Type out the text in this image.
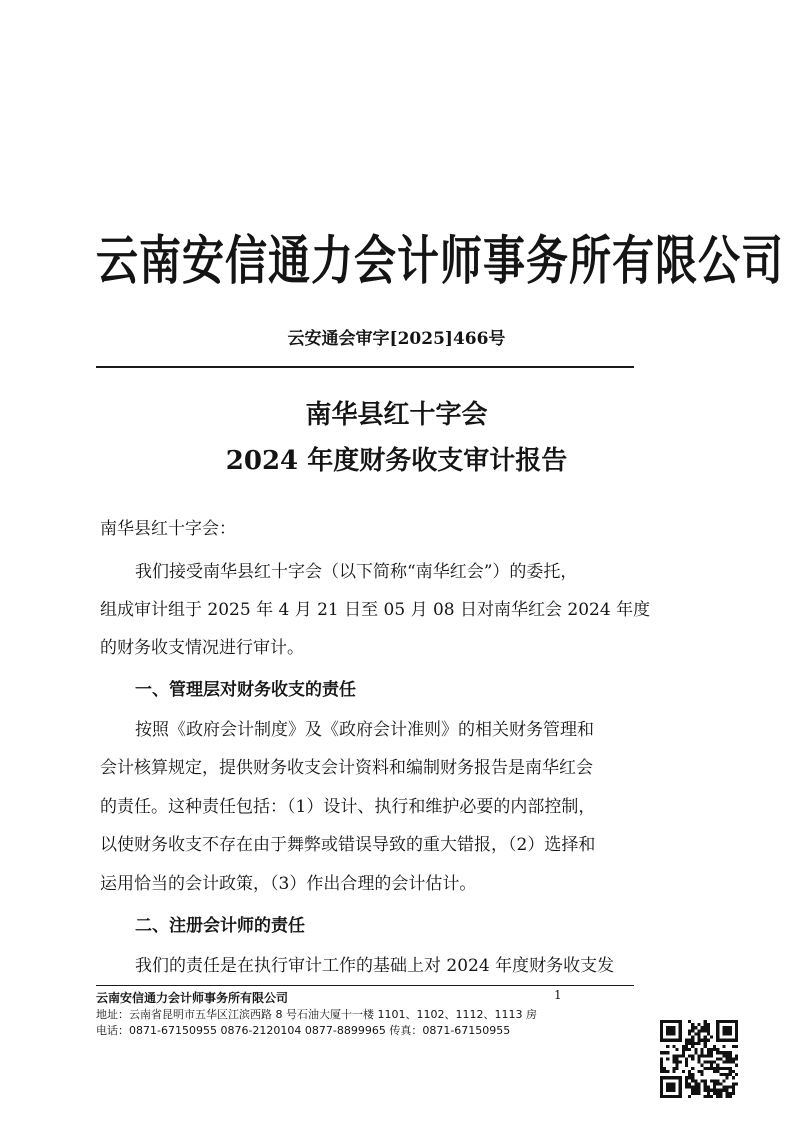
云南安信通力会计师事务所有限公司
云安通会审字[2025]466号
南华县红十字会
2024 年度财务收支审计报告
南华县红十字会：
我们接受南华县红十字会（以下简称“南华红会”）的委托，
组成审计组于 2025 年 4 月 21 日至 05 月 08 日对南华红会 2024 年度
的财务收支情况进行审计。
一、管理层对财务收支的责任
按照《政府会计制度》及《政府会计准则》的相关财务管理和
会计核算规定，提供财务收支会计资料和编制财务报告是南华红会
的责任。这种责任包括：（1）设计、执行和维护必要的内部控制，
以使财务收支不存在由于舞弊或错误导致的重大错报，（2）选择和
运用恰当的会计政策，（3）作出合理的会计估计。
二、注册会计师的责任
我们的责任是在执行审计工作的基础上对 2024 年度财务收支发
云南安信通力会计师事务所有限公司	1
地址：云南省昆明市五华区江滨西路 8 号石油大厦十一楼 1101、1102、1112、1113 房
电话：0871-67150955 0876-2120104 0877-8899965 传真：0871-67150955
